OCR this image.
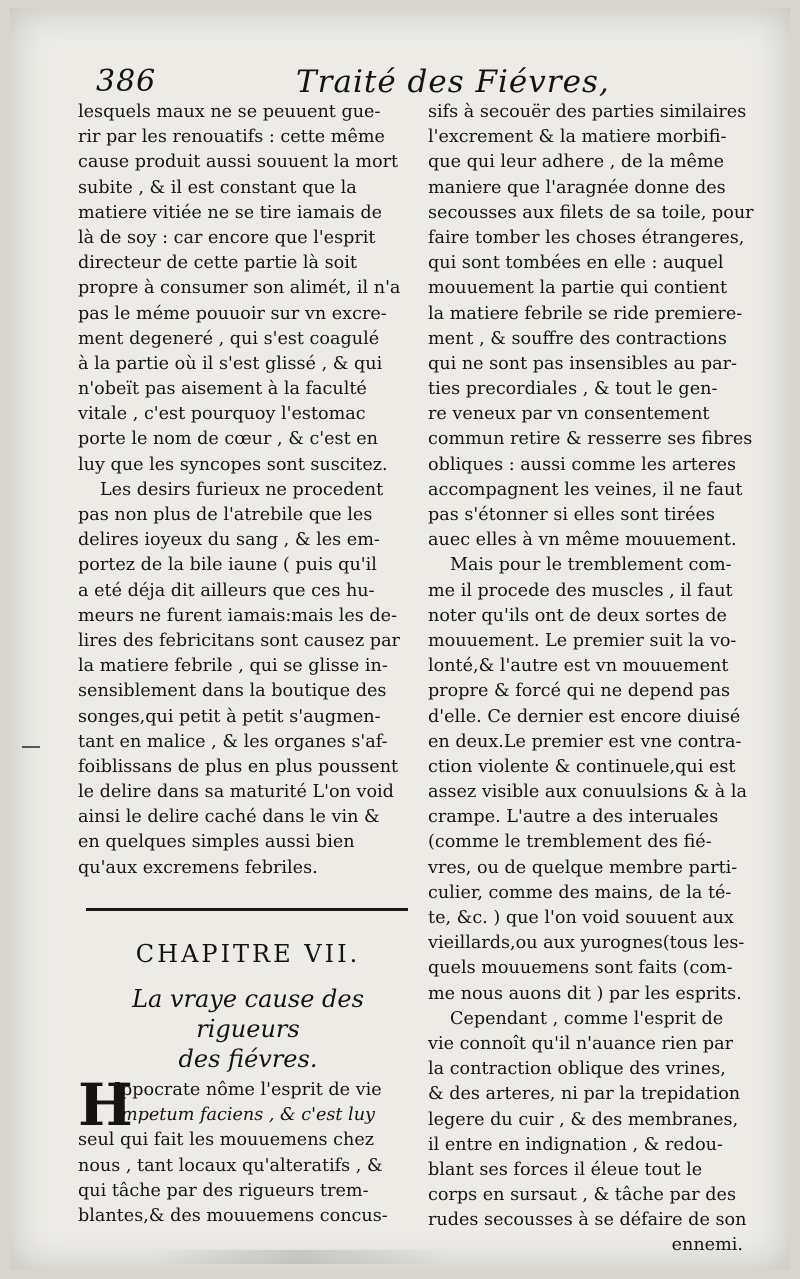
386	Traité des Fiévres,
lesquels maux ne se peuuent gue-
rir par les renouatifs : cette même
cause produit aussi souuent la mort
subite , & il est constant que la
matiere vitiée ne se tire iamais de
là de soy : car encore que l'esprit
directeur de cette partie là soit
propre à consumer son alimét, il n'a
pas le méme pouuoir sur vn excre-
ment degeneré , qui s'est coagulé
à la partie où il s'est glissé , & qui
n'obeït pas aisement à la faculté
vitale , c'est pourquoy l'estomac
porte le nom de cœur , & c'est en
luy que les syncopes sont suscitez.
Les desirs furieux ne procedent
pas non plus de l'atrebile que les
delires ioyeux du sang , & les em-
portez de la bile iaune ( puis qu'il
a eté déja dit ailleurs que ces hu-
meurs ne furent iamais:mais les de-
lires des febricitans sont causez par
la matiere febrile , qui se glisse in-
sensiblement dans la boutique des
songes,qui petit à petit s'augmen-
tant en malice , & les organes s'af-
foiblissans de plus en plus poussent
le delire dans sa maturité L'on void
ainsi le delire caché dans le vin &
en quelques simples aussi bien
qu'aux excremens febriles.
CHAPITRE VII.
La vraye cause des rigueurs
des fiévres.
H
Ippocrate nôme l'esprit de vie
Impetum faciens , & c'est luy
seul qui fait les mouuemens chez
nous , tant locaux qu'alteratifs , &
qui tâche par des rigueurs trem-
blantes,& des mouuemens concus-
sifs à secouër des parties similaires
l'excrement & la matiere morbifi-
que qui leur adhere , de la même
maniere que l'aragnée donne des
secousses aux filets de sa toile, pour
faire tomber les choses étrangeres,
qui sont tombées en elle : auquel
mouuement la partie qui contient
la matiere febrile se ride premiere-
ment , & souffre des contractions
qui ne sont pas insensibles au par-
ties precordiales , & tout le gen-
re veneux par vn consentement
commun retire & resserre ses fibres
obliques : aussi comme les arteres
accompagnent les veines, il ne faut
pas s'étonner si elles sont tirées
auec elles à vn même mouuement.
Mais pour le tremblement com-
me il procede des muscles , il faut
noter qu'ils ont de deux sortes de
mouuement. Le premier suit la vo-
lonté,& l'autre est vn mouuement
propre & forcé qui ne depend pas
d'elle. Ce dernier est encore diuisé
en deux.Le premier est vne contra-
ction violente & continuele,qui est
assez visible aux conuulsions & à la
crampe. L'autre a des interuales
(comme le tremblement des fié-
vres, ou de quelque membre parti-
culier, comme des mains, de la té-
te, &c. ) que l'on void souuent aux
vieillards,ou aux yurognes(tous les-
quels mouuemens sont faits (com-
me nous auons dit ) par les esprits.
Cependant , comme l'esprit de
vie connoît qu'il n'auance rien par
la contraction oblique des vrines,
& des arteres, ni par la trepidation
legere du cuir , & des membranes,
il entre en indignation , & redou-
blant ses forces il éleue tout le
corps en sursaut , & tâche par des
rudes secousses à se défaire de son
ennemi.
